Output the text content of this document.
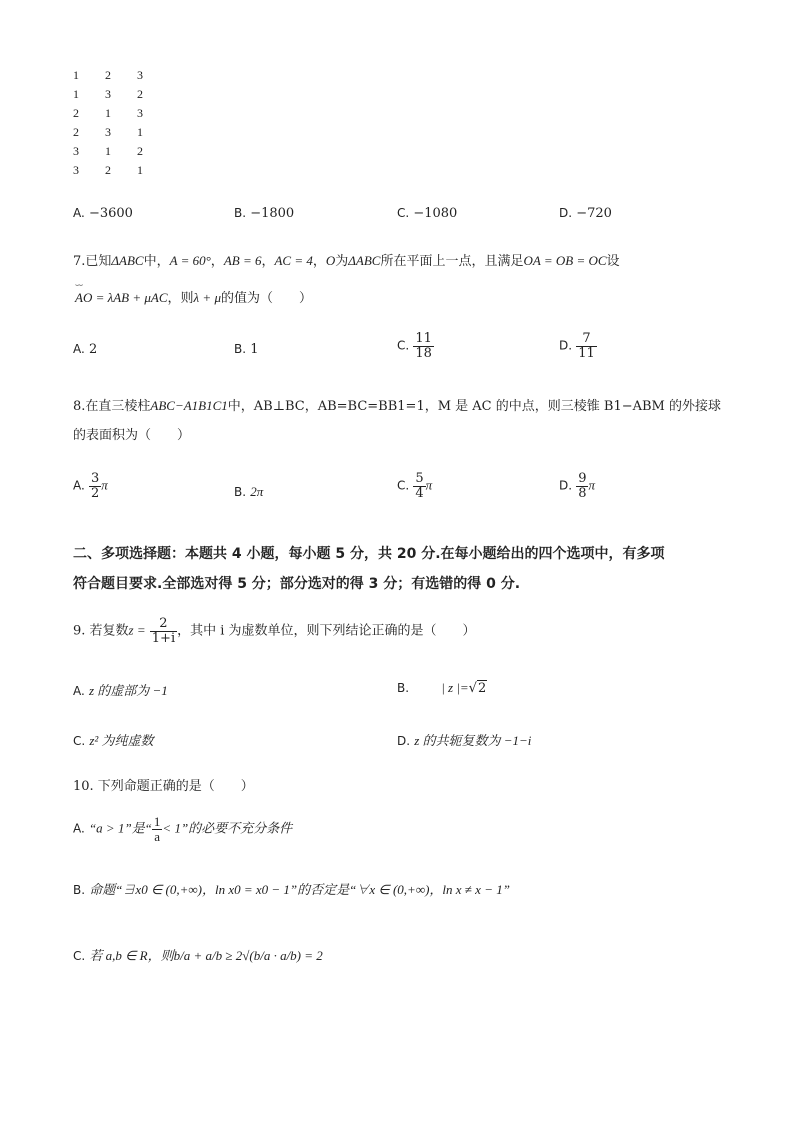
1 2 3
1 3 2
2 1 3
2 3 1
3 1 2
3 2 1
A. −3600	B. −1800	C. −1080	D. −720
7.已知ΔABC中，A = 60°，AB = 6，AC = 4，O为ΔABC所在平面上一点，且满足OA = OB = OC设
⌣⌣ AO = λAB + μAC，则λ + μ的值为（　　）
A. 2	B. 1	C. $\frac{11}{18}$	D. $\frac{7}{11}$
8.在直三棱柱ABC−A1B1C1中，AB⊥BC，AB=BC=BB1=1，M 是 AC 的中点，则三棱锥 B1−ABM 的外接球
的表面积为（　　）
A. $\frac{3}{2}$ π	B. 2π	C. $\frac{5}{4}$ π	D. $\frac{9}{8}$ π
二、多项选择题：本题共 4 小题，每小题 5 分，共 20 分.在每小题给出的四个选项中，有多项
符合题目要求.全部选对得 5 分；部分选对的得 3 分；有选错的得 0 分.
9. 若复数$z = \frac{2}{1+i}$ ，其中 i 为虚数单位，则下列结论正确的是（　　）
A. z 的虚部为 −1	B. | z |=√2
C. z² 为纯虚数	D. z 的共轭复数为 −1−i
10. 下列命题正确的是（　　）
A. “a > 1”是“ $\frac{1}{a} < 1$”的必要不充分条件
B. 命题“∃x0 ∈ (0,+∞)，ln x0 = x0 − 1”的否定是“∀x ∈ (0,+∞)，ln x ≠ x − 1”
C. 若 a,b ∈ R，则b/a + a/b ≥ 2√(b/a · a/b) = 2
